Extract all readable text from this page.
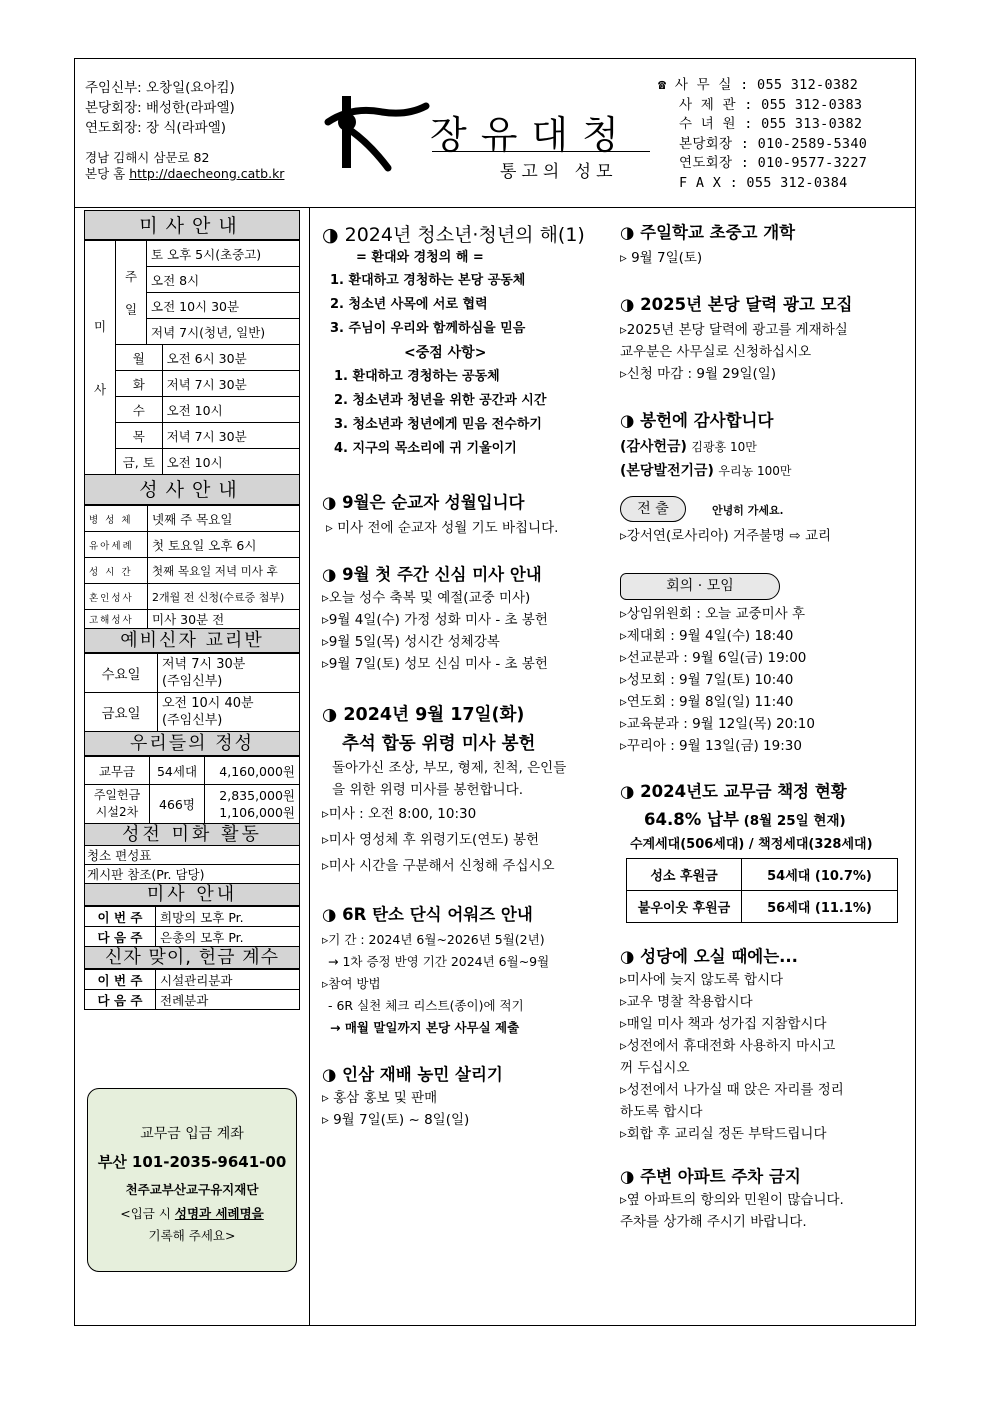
주임신부: 오창일(요아킴)
본당회장: 배성한(라파엘)
연도회장: 장 식(라파엘)
경남 김해시 삼문로 82
본당 홈 http://daecheong.catb.kr
장유대청
통고의 성모
☎ 사 무 실 : 055 312-0382
사 제 관 : 055 312-0383
수 녀 원 : 055 313-0382
본당회장 : 010-2589-5340
연도회장 : 010-9577-3227
F A X : 055 312-0384
미사안내
미

사	주

일	토 오후 5시(초중고)	
		오전 8시	
		오전 10시 30분	
		저녁 7시(청년, 일반)	
	월		오전 6시 30분
	화		저녁 7시 30분
	수		오전 10시
	목		저녁 7시 30분
	금, 토		오전 10시
성사안내
병 성 체	넷째 주 목요일
유아세례	첫 토요일 오후 6시
성 시 간	첫째 목요일 저녁 미사 후
혼인성사	2개월 전 신청(수료증 첨부)
고해성사	미사 30분 전
예비신자 교리반
수요일	저녁 7시 30분
(주임신부)
금요일	오전 10시 40분
(주임신부)
우리들의 정성
교무금	54세대	4,160,000원
주일헌금
시설2차	466명	2,835,000원
1,106,000원
성전 미화 활동
청소 편성표
게시판 참조(Pr. 담당)
미사 안내
이 번 주	희망의 모후 Pr.
다 음 주	은총의 모후 Pr.
신자 맞이, 헌금 계수
이 번 주	시설관리분과
다 음 주	전례분과
교무금 입금 계좌
부산 101-2035-9641-00
천주교부산교구유지재단
<입금 시 성명과 세례명을
기록해 주세요>
◑ 2024년 청소년·청년의 해(1)
= 환대와 경청의 해 =
1. 환대하고 경청하는 본당 공동체
2. 청소년 사목에 서로 협력
3. 주님이 우리와 함께하심을 믿음
<중점 사항>
1. 환대하고 경청하는 공동체
2. 청소년과 청년을 위한 공간과 시간
3. 청소년과 청년에게 믿음 전수하기
4. 지구의 목소리에 귀 기울이기
◑ 9월은 순교자 성월입니다
▹ 미사 전에 순교자 성월 기도 바칩니다.
◑ 9월 첫 주간 신심 미사 안내
▹오늘 성수 축복 및 예절(교중 미사)
▹9월 4일(수) 가정 성화 미사 - 초 봉헌
▹9월 5일(목) 성시간 성체강복
▹9월 7일(토) 성모 신심 미사 - 초 봉헌
◑ 2024년 9월 17일(화)
추석 합동 위령 미사 봉헌
돌아가신 조상, 부모, 형제, 친척, 은인들
을 위한 위령 미사를 봉헌합니다.
▹미사 : 오전 8:00, 10:30
▹미사 영성체 후 위령기도(연도) 봉헌
▹미사 시간을 구분해서 신청해 주십시오
◑ 6R 탄소 단식 어워즈 안내
▹기 간 : 2024년 6월~2026년 5월(2년)
→ 1차 증정 반영 기간 2024년 6월~9월
▹참여 방법
- 6R 실천 체크 리스트(종이)에 적기
→ 매월 말일까지 본당 사무실 제출
◑ 인삼 재배 농민 살리기
▹ 홍삼 홍보 및 판매
▹ 9월 7일(토) ~ 8일(일)
◑ 주일학교 초중고 개학
▹ 9월 7일(토)
◑ 2025년 본당 달력 광고 모집
▹2025년 본당 달력에 광고를 게재하실
교우분은 사무실로 신청하십시오
▹신청 마감 : 9월 29일(일)
◑ 봉헌에 감사합니다
(감사헌금) 김광홍 10만
(본당발전기금) 우리농 100만
전 출	안녕히 가세요.
▹강서연(로사리아) 거주불명 ⇨ 교리
회의 · 모임
▹상임위원회 : 오늘 교중미사 후
▹제대회 : 9월 4일(수) 18:40
▹선교분과 : 9월 6일(금) 19:00
▹성모회 : 9월 7일(토) 10:40
▹연도회 : 9월 8일(일) 11:40
▹교육분과 : 9월 12일(목) 20:10
▹꾸리아 : 9월 13일(금) 19:30
◑ 2024년도 교무금 책정 현황
64.8% 납부 (8월 25일 현재)
수계세대(506세대) / 책정세대(328세대)
성소 후원금	54세대 (10.7%)
불우이웃 후원금	56세대 (11.1%)
◑ 성당에 오실 때에는...
▹미사에 늦지 않도록 합시다
▹교우 명찰 착용합시다
▹매일 미사 책과 성가집 지참합시다
▹성전에서 휴대전화 사용하지 마시고
꺼 두십시오
▹성전에서 나가실 때 앉은 자리를 정리
하도록 합시다
▹회합 후 교리실 정돈 부탁드립니다
◑ 주변 아파트 주차 금지
▹옆 아파트의 항의와 민원이 많습니다.
주차를 상가해 주시기 바랍니다.
